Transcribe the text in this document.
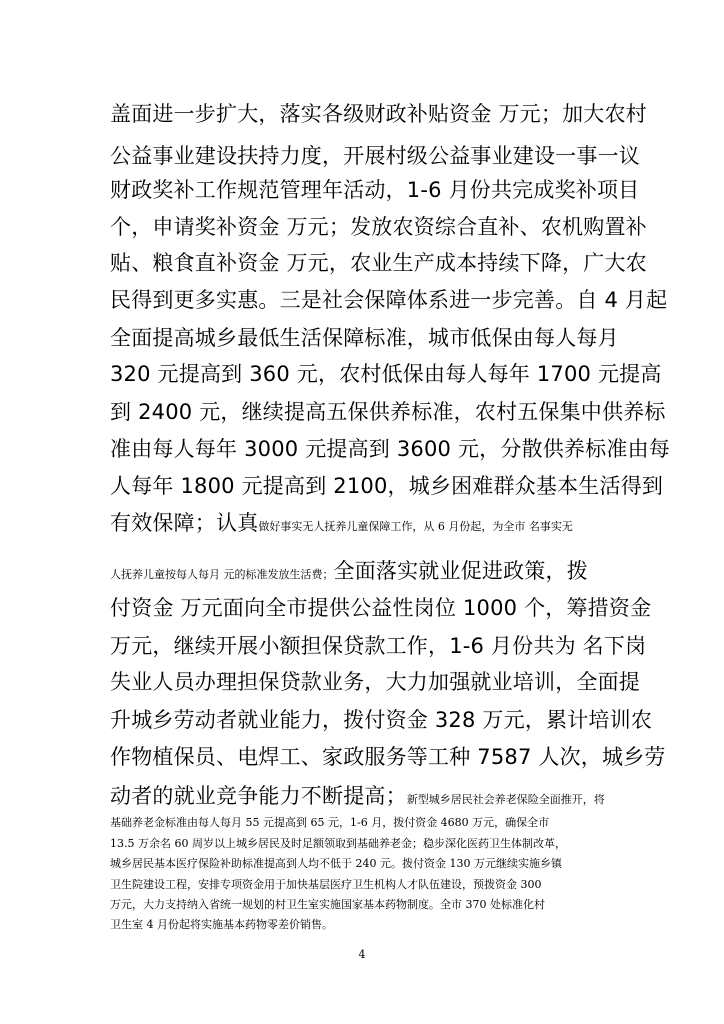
盖面进一步扩大，落实各级财政补贴资金 万元；加大农村
公益事业建设扶持力度，开展村级公益事业建设一事一议
财政奖补工作规范管理年活动，1-6 月份共完成奖补项目
个，申请奖补资金 万元；发放农资综合直补、农机购置补
贴、粮食直补资金 万元，农业生产成本持续下降，广大农
民得到更多实惠。三是社会保障体系进一步完善。自 4 月起
全面提高城乡最低生活保障标准，城市低保由每人每月
320 元提高到 360 元，农村低保由每人每年 1700 元提高
到 2400 元，继续提高五保供养标准，农村五保集中供养标
准由每人每年 3000 元提高到 3600 元，分散供养标准由每
人每年 1800 元提高到 2100，城乡困难群众基本生活得到
有效保障；认真做好事实无人抚养儿童保障工作，从 6 月份起，为全市 名事实无
人抚养儿童按每人每月 元的标准发放生活费；全面落实就业促进政策，拨
付资金 万元面向全市提供公益性岗位 1000 个，筹措资金
万元，继续开展小额担保贷款工作，1-6 月份共为 名下岗
失业人员办理担保贷款业务，大力加强就业培训，全面提
升城乡劳动者就业能力，拨付资金 328 万元，累计培训农
作物植保员、电焊工、家政服务等工种 7587 人次，城乡劳
动者的就业竞争能力不断提高；新型城乡居民社会养老保险全面推开，将
基础养老金标准由每人每月 55 元提高到 65 元，1-6 月，拨付资金 4680 万元，确保全市
13.5 万余名 60 周岁以上城乡居民及时足额领取到基础养老金；稳步深化医药卫生体制改革，
城乡居民基本医疗保险补助标准提高到人均不低于 240 元。拨付资金 130 万元继续实施乡镇
卫生院建设工程，安排专项资金用于加快基层医疗卫生机构人才队伍建设，预拨资金 300
万元，大力支持纳入省统一规划的村卫生室实施国家基本药物制度。全市 370 处标准化村
卫生室 4 月份起将实施基本药物零差价销售。
4
